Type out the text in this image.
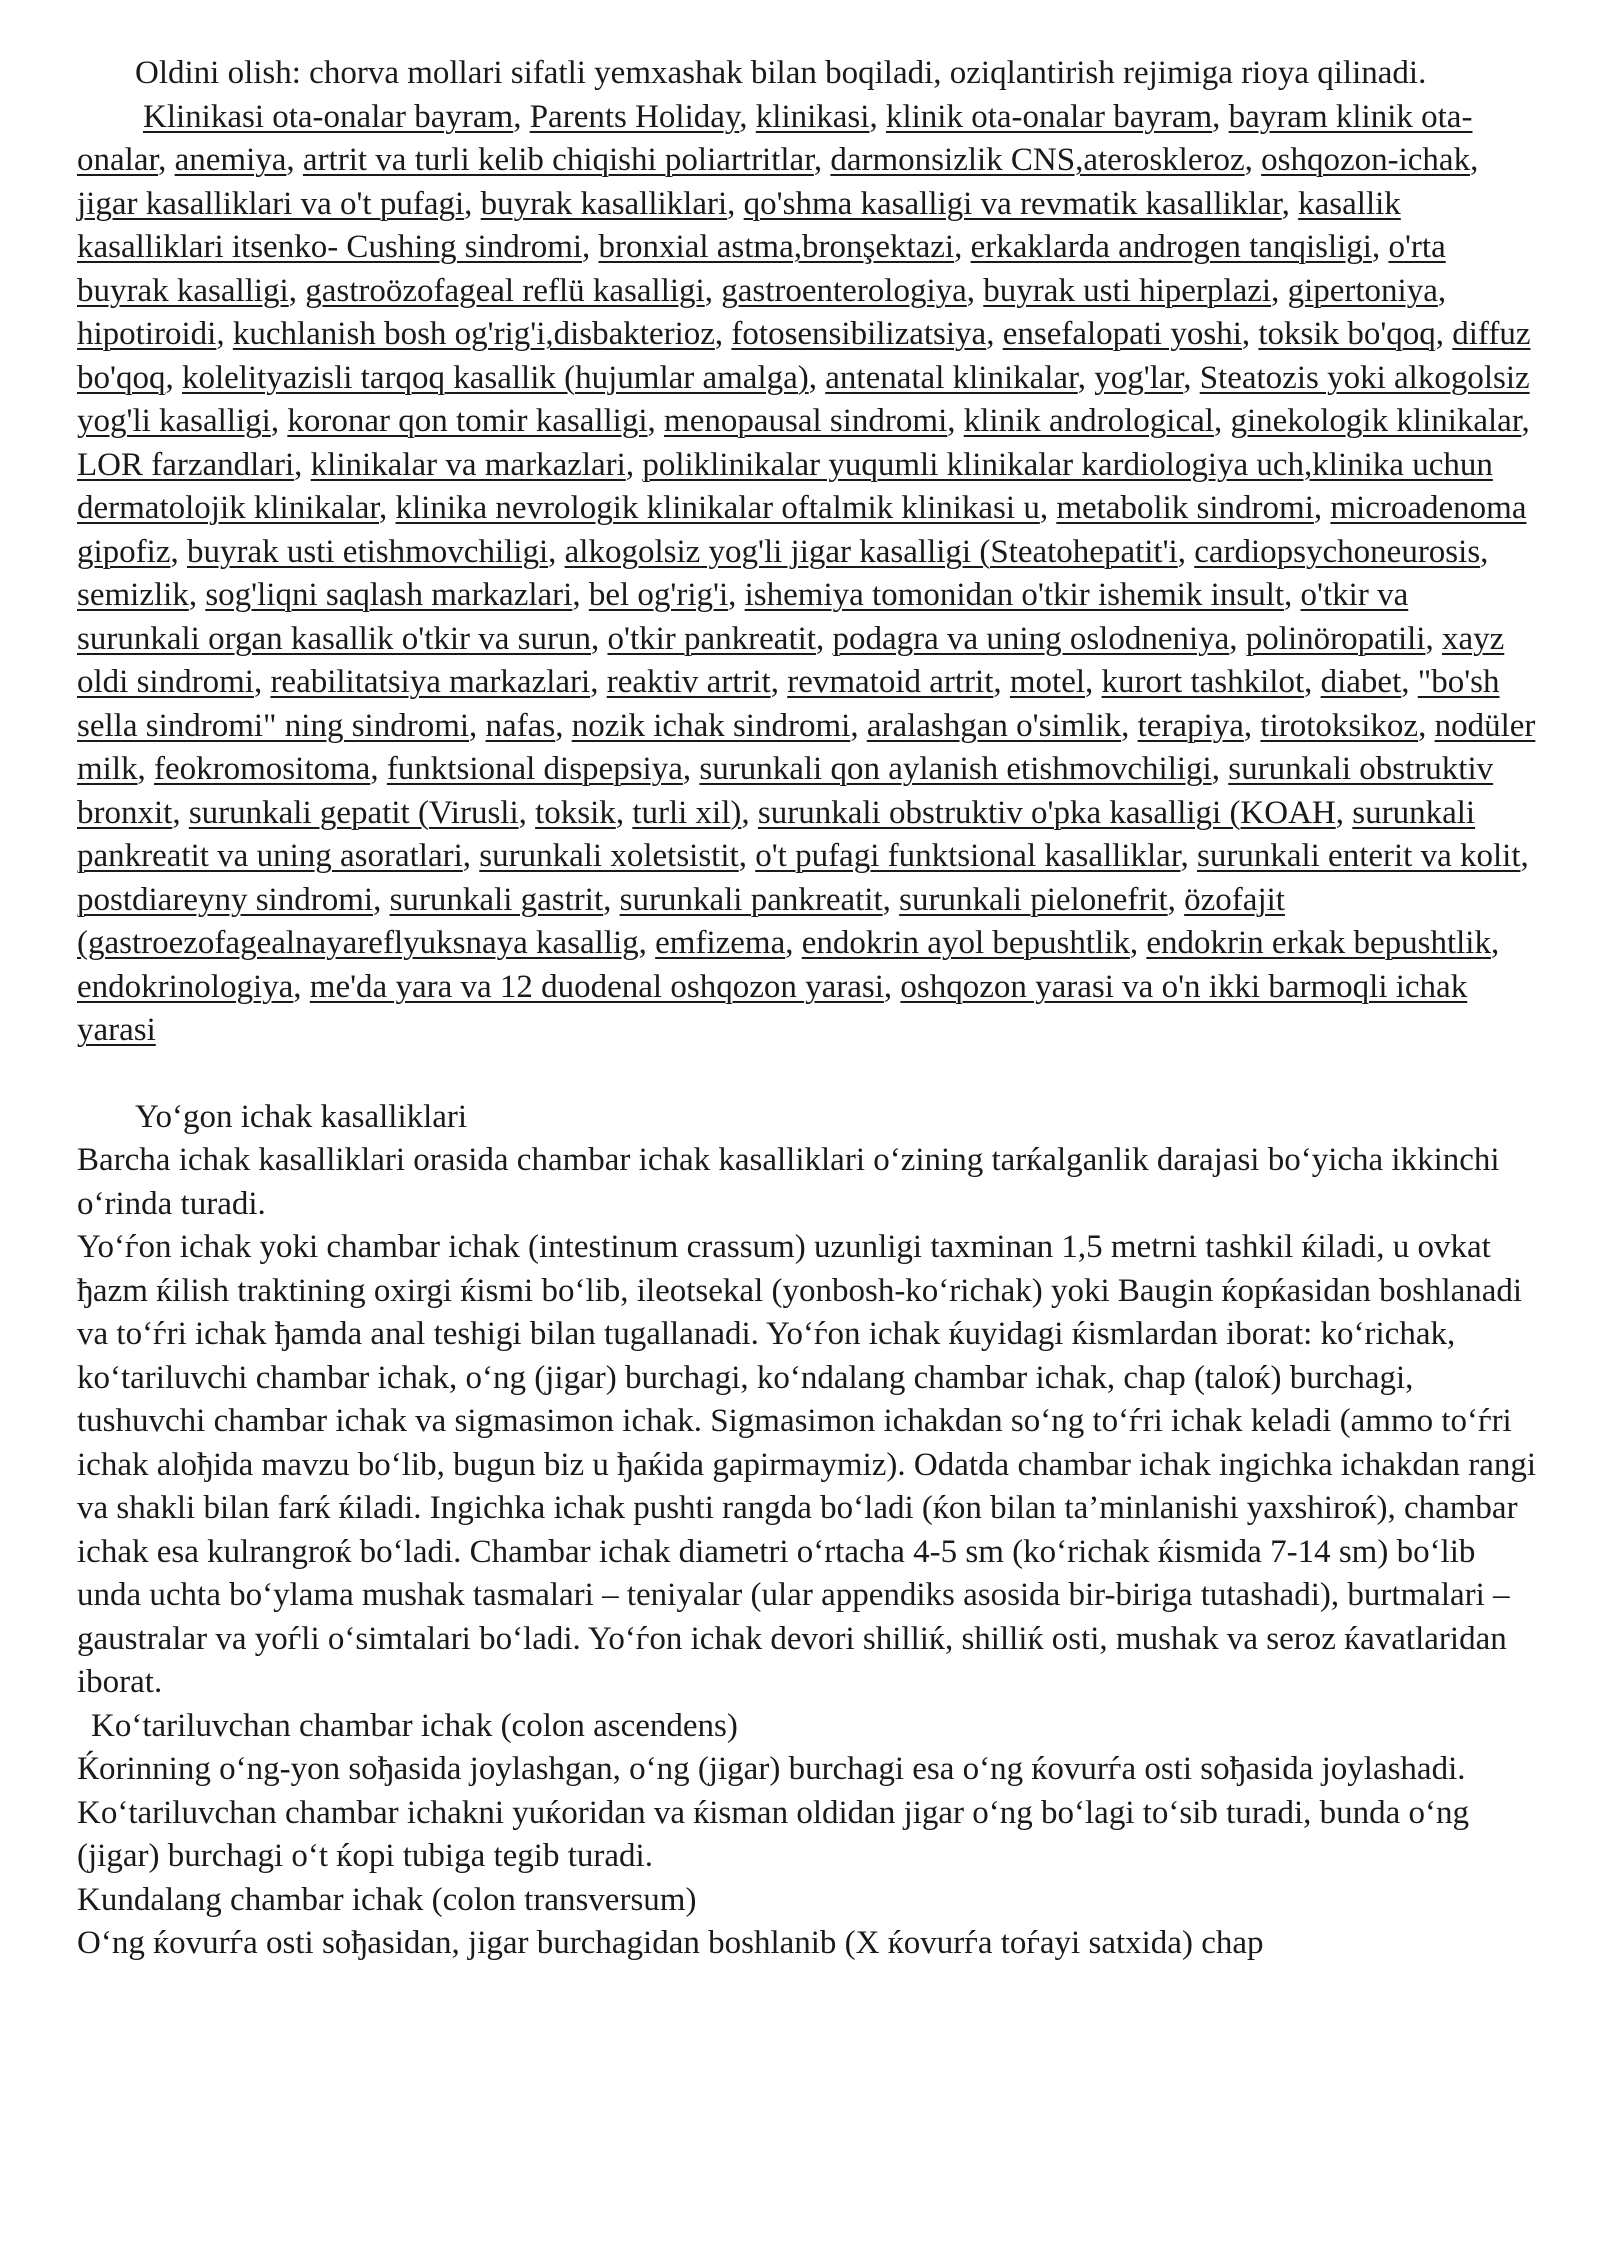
Oldini olish: chorva mollari sifatli yemxashak bilan boqiladi, oziqlantirish rejimiga rioya qilinadi.

Klinikasi ota-onalar bayram, Parents Holiday, klinikasi, klinik ota-onalar bayram, bayram klinik ota-onalar, anemiya, artrit va turli kelib chiqishi poliartritlar, darmonsizlik CNS,ateroskleroz, oshqozon-ichak, jigar kasalliklari va o't pufagi, buyrak kasalliklari, qo'shma kasalligi va revmatik kasalliklar, kasallik kasalliklari itsenko- Cushing sindromi, bronxial astma,bronşektazi, erkaklarda androgen tanqisligi, o'rta buyrak kasalligi, gastroözofageal reflü kasalligi, gastroenterologiya, buyrak usti hiperplazi, gipertoniya, hipotiroidi, kuchlanish bosh og'rig'i,disbakterioz, fotosensibilizatsiya, ensefalopati yoshi, toksik bo'qoq, diffuz bo'qoq, kolelityazisli tarqoq kasallik (hujumlar amalga), antenatal klinikalar, yog'lar, Steatozis yoki alkogolsiz yog'li kasalligi, koronar qon tomir kasalligi, menopausal sindromi, klinik andrological, ginekologik klinikalar, LOR farzandlari, klinikalar va markazlari, poliklinikalar yuqumli klinikalar kardiologiya uch,klinika uchun dermatolojik klinikalar, klinika nevrologik klinikalar oftalmik klinikasi u, metabolik sindromi, microadenoma gipofiz, buyrak usti etishmovchiligi, alkogolsiz yog'li jigar kasalligi (Steatohepatit'i, cardiopsychoneurosis, semizlik, sog'liqni saqlash markazlari, bel og'rig'i, ishemiya tomonidan o'tkir ishemik insult, o'tkir va surunkali organ kasallik o'tkir va surun, o'tkir pankreatit, podagra va uning oslodneniya, polinöropatili, xayz oldi sindromi, reabilitatsiya markazlari, reaktiv artrit, revmatoid artrit, motel, kurort tashkilot, diabet, "bo'sh sella sindromi" ning sindromi, nafas, nozik ichak sindromi, aralashgan o'simlik, terapiya, tirotoksikoz, nodüler milk, feokromositoma, funktsional dispepsiya, surunkali qon aylanish etishmovchiligi, surunkali obstruktiv bronxit, surunkali gepatit (Virusli, toksik, turli xil), surunkali obstruktiv o'pka kasalligi (KOAH, surunkali pankreatit va uning asoratlari, surunkali xoletsistit, o't pufagi funktsional kasalliklar, surunkali enterit va kolit, postdiareyny sindromi, surunkali gastrit, surunkali pankreatit, surunkali pielonefrit, özofajit (gastroezofagealnayareflyuksnaya kasallig, emfizema, endokrin ayol bepushtlik, endokrin erkak bepushtlik, endokrinologiya, me'da yara va 12 duodenal oshqozon yarasi, oshqozon yarasi va o'n ikki barmoqli ichak yarasi

Yo‘gon ichak kasalliklari

Barcha ichak kasalliklari orasida chambar ichak kasalliklari o‘zining tarќalganlik darajasi bo‘yicha ikkinchi o‘rinda turadi.

Yo‘ѓon ichak yoki chambar ichak (intestinum crassum) uzunligi taxminan 1,5 metrni tashkil ќiladi, u ovkat ђazm ќilish traktining oxirgi ќismi bo‘lib, ileotsekal (yonbosh-ko‘richak) yoki Baugin ќopќasidan boshlanadi va to‘ѓri ichak ђamda anal teshigi bilan tugallanadi. Yo‘ѓon ichak ќuyidagi ќismlardan iborat: ko‘richak, ko‘tariluvchi chambar ichak, o‘ng (jigar) burchagi, ko‘ndalang chambar ichak, chap (taloќ) burchagi, tushuvchi chambar ichak va sigmasimon ichak. Sigmasimon ichakdan so‘ng to‘ѓri ichak keladi (ammo to‘ѓri ichak aloђida mavzu bo‘lib, bugun biz u ђaќida gapirmaymiz). Odatda chambar ichak ingichka ichakdan rangi va shakli bilan farќ ќiladi. Ingichka ichak pushti rangda bo‘ladi (ќon bilan ta’minlanishi yaxshiroќ), chambar ichak esa kulrangroќ bo‘ladi. Chambar ichak diametri o‘rtacha 4-5 sm (ko‘richak ќismida 7-14 sm) bo‘lib unda uchta bo‘ylama mushak tasmalari – teniyalar (ular appendiks asosida bir-biriga tutashadi), burtmalari – gaustralar va yoѓli o‘simtalari bo‘ladi. Yo‘ѓon ichak devori shilliќ, shilliќ osti, mushak va seroz ќavatlaridan iborat.

Ko‘tariluvchan chambar ichak (colon ascendens)

Ќorinning o‘ng-yon soђasida joylashgan, o‘ng (jigar) burchagi esa o‘ng ќovurѓa osti soђasida joylashadi. Ko‘tariluvchan chambar ichakni yuќoridan va ќisman oldidan jigar o‘ng bo‘lagi to‘sib turadi, bunda o‘ng (jigar) burchagi o‘t ќopi tubiga tegib turadi.

Kundalang chambar ichak (colon transversum)

O‘ng ќovurѓa osti soђasidan, jigar burchagidan boshlanib (X ќovurѓa toѓayi satxida) chap
